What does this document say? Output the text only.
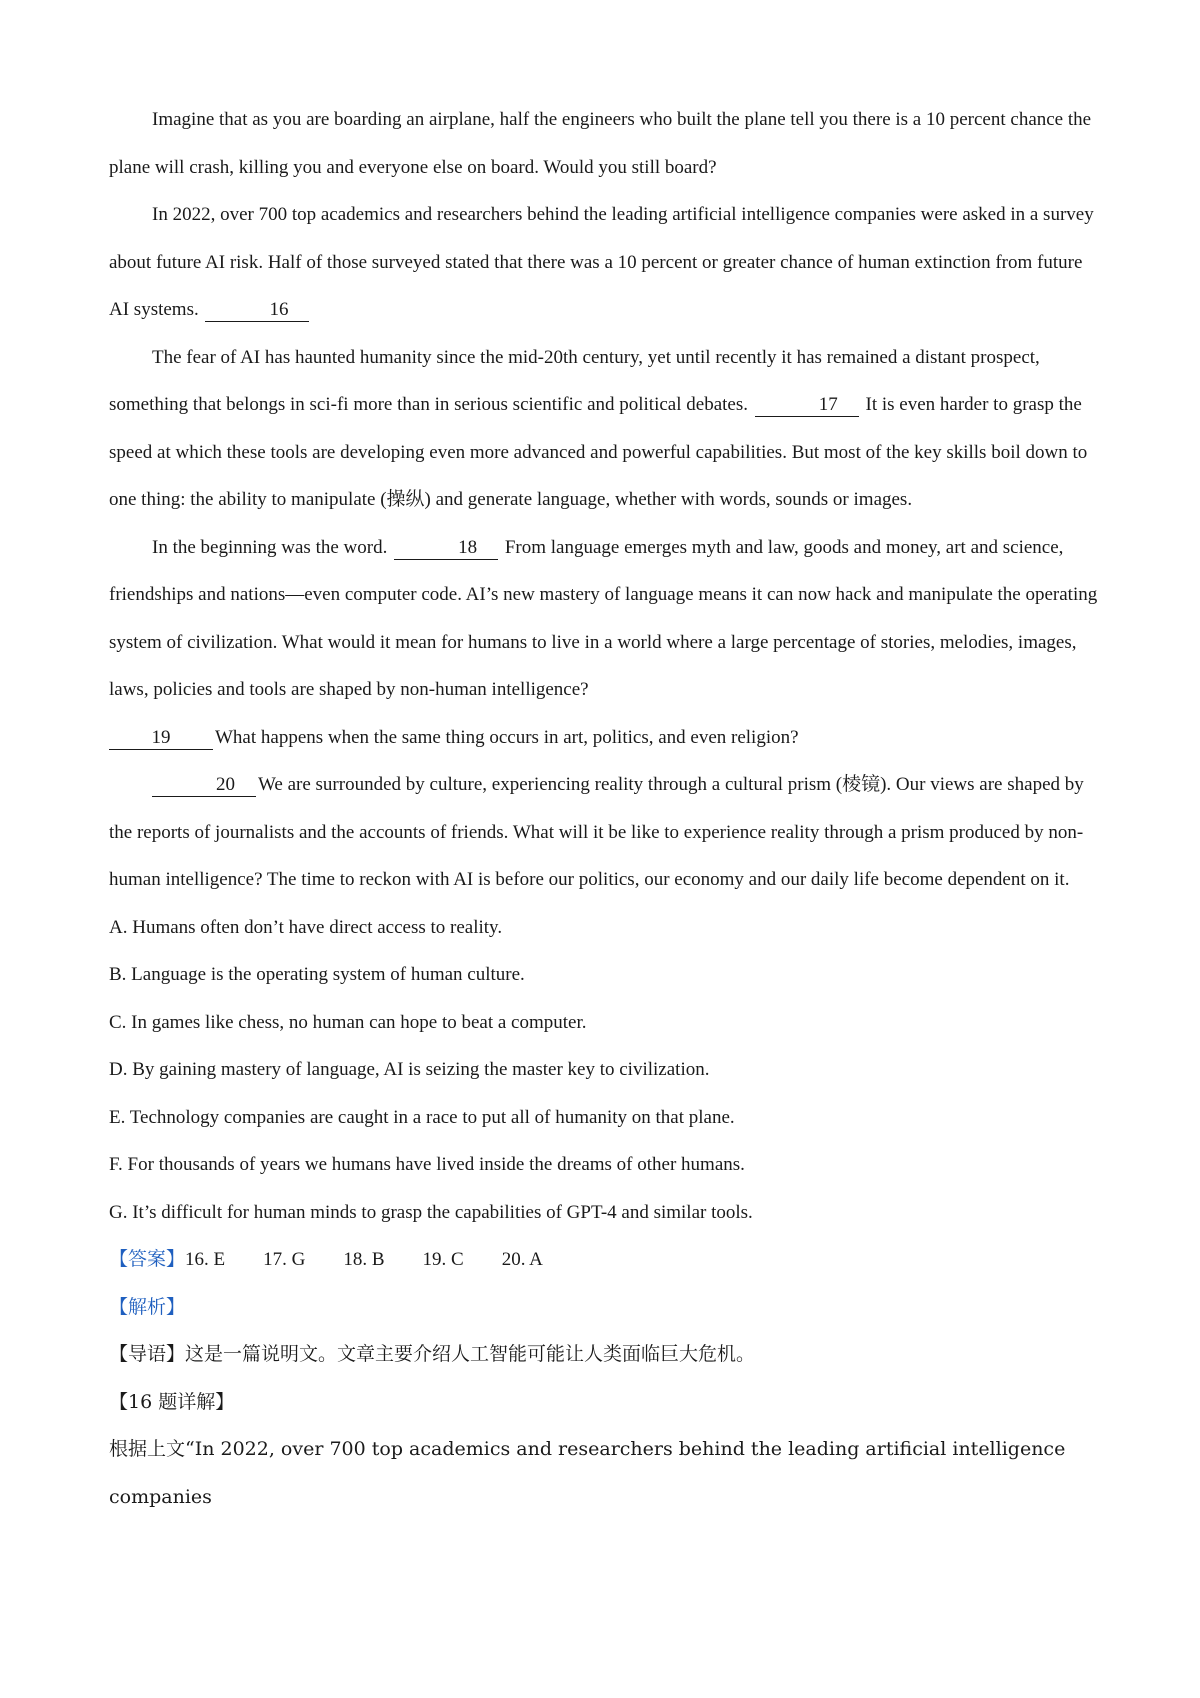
Imagine that as you are boarding an airplane, half the engineers who built the plane tell you there is a 10 percent chance the plane will crash, killing you and everyone else on board. Would you still board?

In 2022, over 700 top academics and researchers behind the leading artificial intelligence companies were asked in a survey about future AI risk. Half of those surveyed stated that there was a 10 percent or greater chance of human extinction from future AI systems.	16

The fear of AI has haunted humanity since the mid-20th century, yet until recently it has remained a distant prospect, something that belongs in sci-fi more than in serious scientific and political debates.	17 It is even harder to grasp the speed at which these tools are developing even more advanced and powerful capabilities. But most of the key skills boil down to one thing: the ability to manipulate (操纵) and generate language, whether with words, sounds or images.

In the beginning was the word.	18 From language emerges myth and law, goods and money, art and science, friendships and nations—even computer code. AI’s new mastery of language means it can now hack and manipulate the operating system of civilization. What would it mean for humans to live in a world where a large percentage of stories, melodies, images, laws, policies and tools are shaped by non-human intelligence?

19 What happens when the same thing occurs in art, politics, and even religion?

20 We are surrounded by culture, experiencing reality through a cultural prism (棱镜). Our views are shaped by the reports of journalists and the accounts of friends. What will it be like to experience reality through a prism produced by non-human intelligence? The time to reckon with AI is before our politics, our economy and our daily life become dependent on it.

A. Humans often don’t have direct access to reality.

B. Language is the operating system of human culture.

C. In games like chess, no human can hope to beat a computer.

D. By gaining mastery of language, AI is seizing the master key to civilization.

E. Technology companies are caught in a race to put all of humanity on that plane.

F. For thousands of years we humans have lived inside the dreams of other humans.

G. It’s difficult for human minds to grasp the capabilities of GPT-4 and similar tools.

【答案】16. E 17. G 18. B 19. C 20. A

【解析】

【导语】这是一篇说明文。文章主要介绍人工智能可能让人类面临巨大危机。

【16 题详解】

根据上文“In 2022, over 700 top academics and researchers behind the leading artificial intelligence companies
